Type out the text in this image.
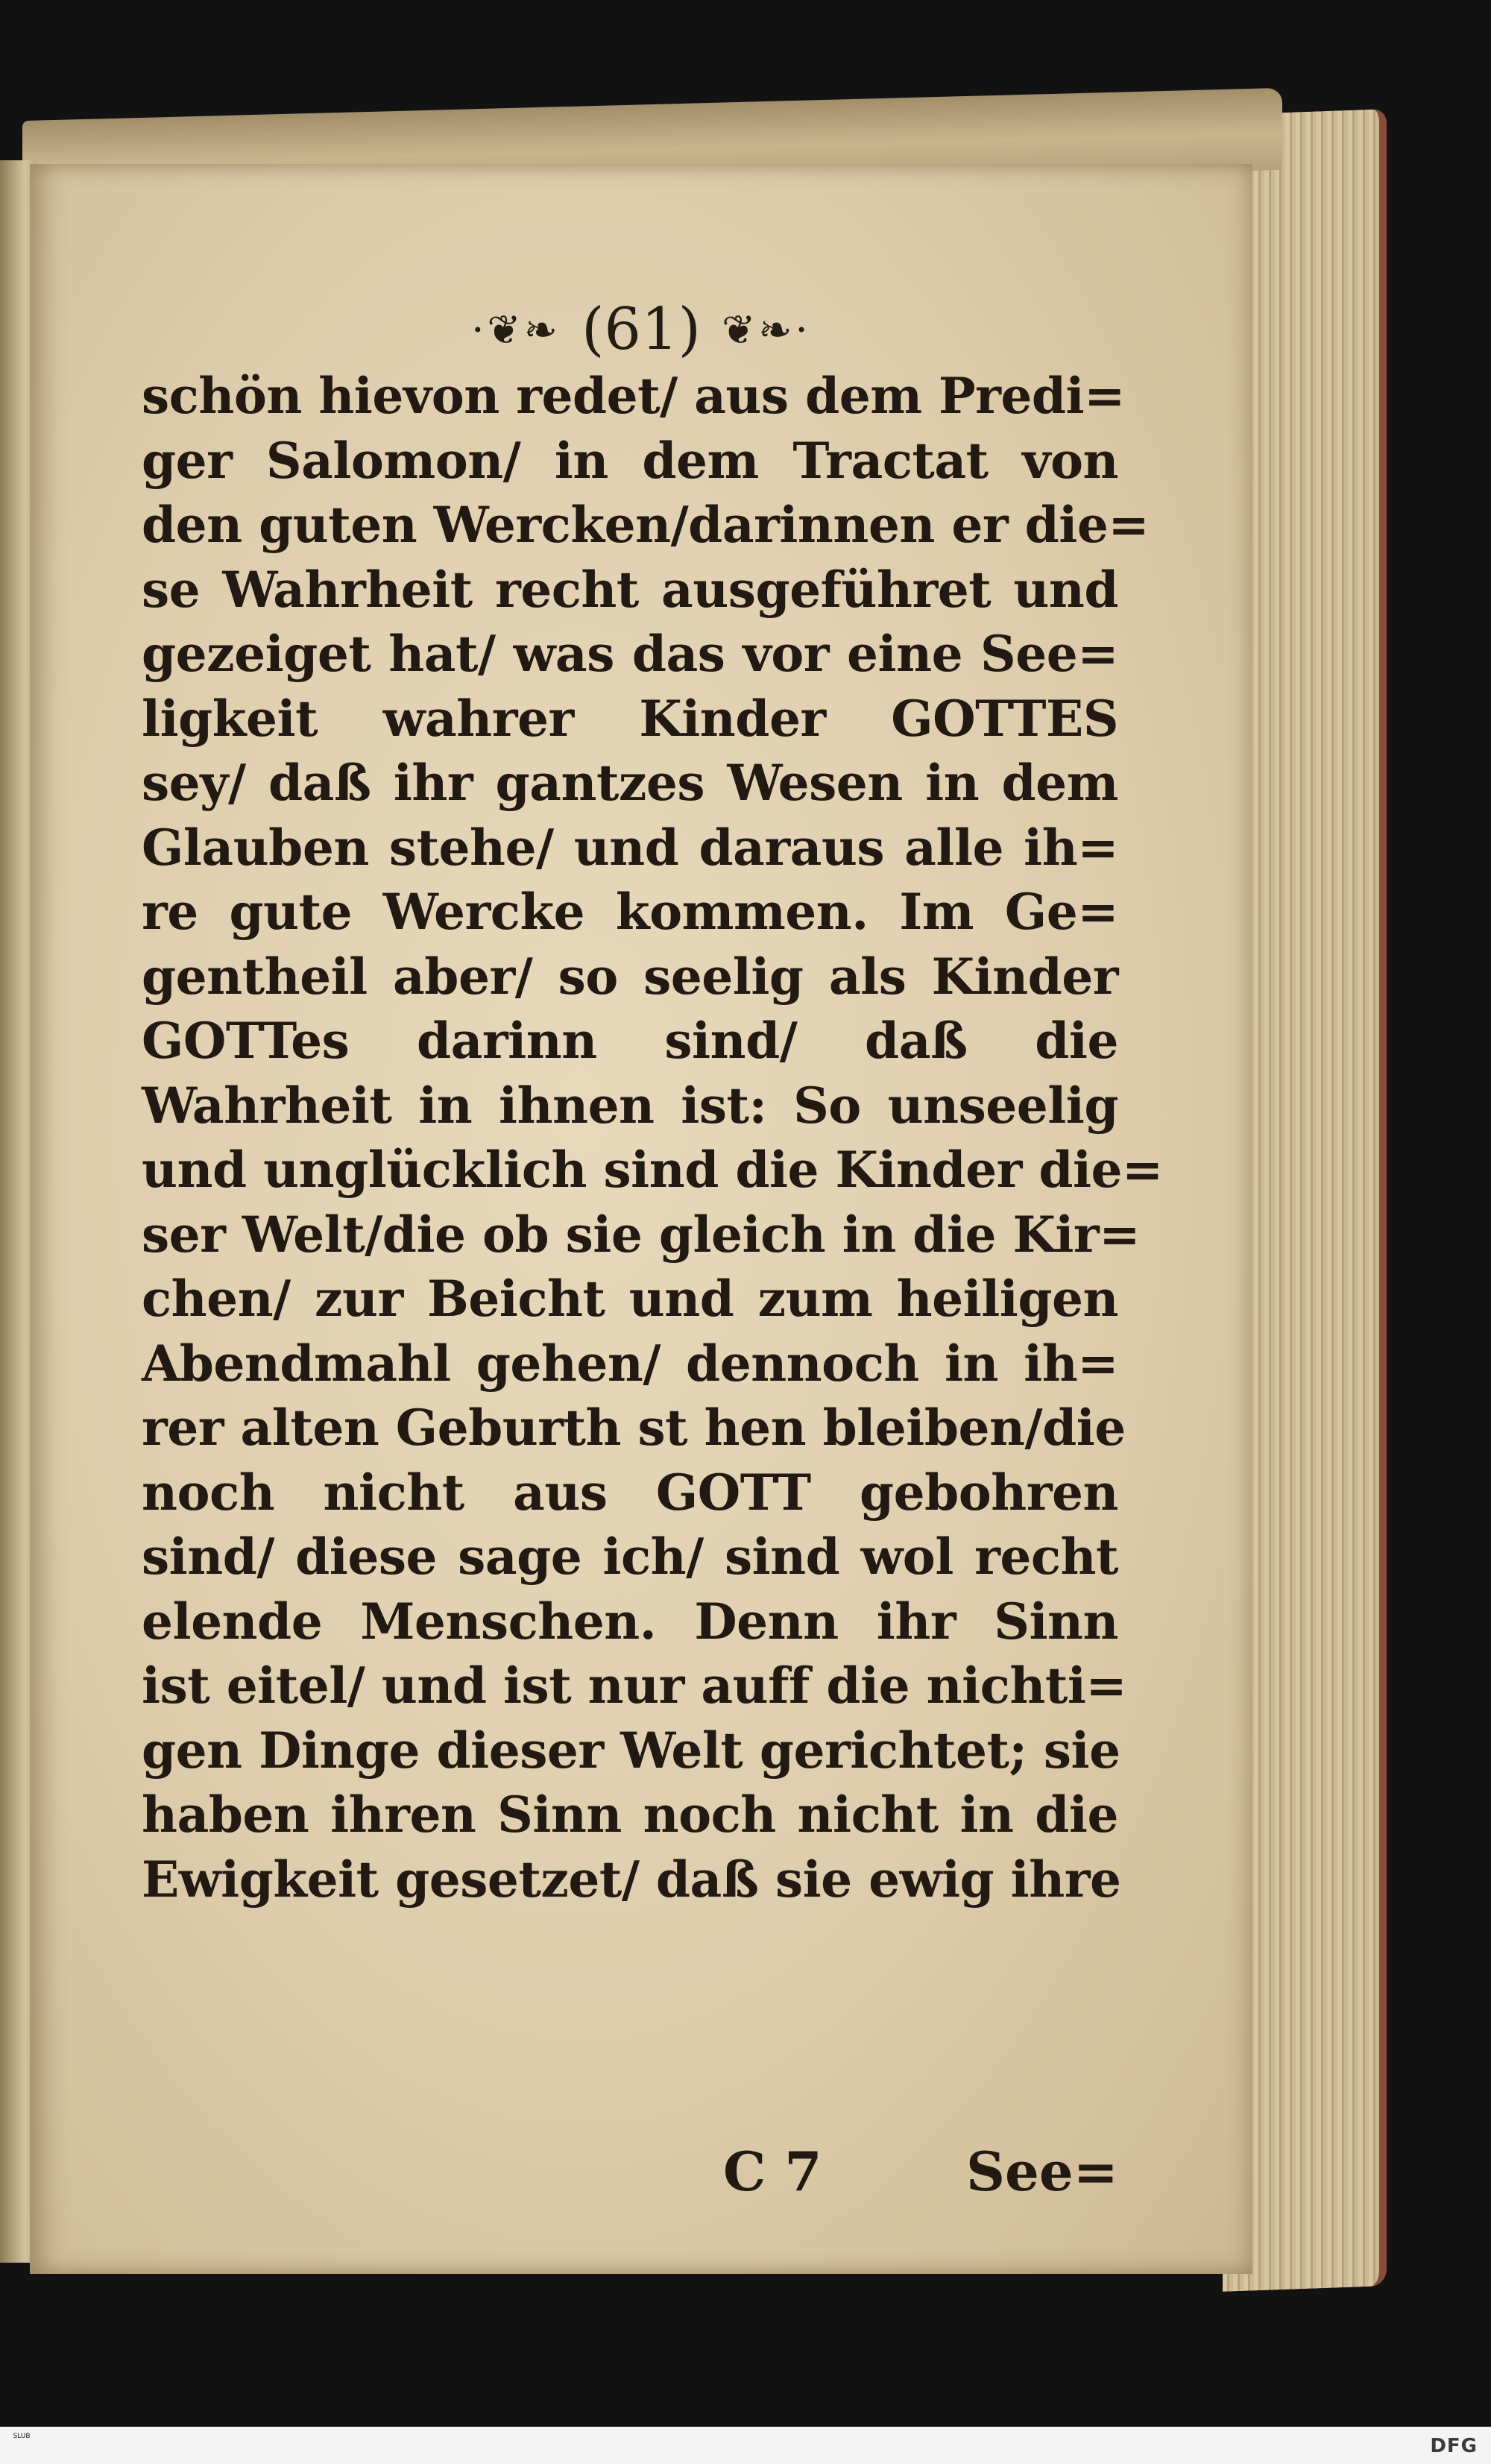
·❦❧ (61) ❦❧·
schön hievon redet/ aus dem Predi=
ger Salomon/ in dem Tractat von
den guten Wercken/darinnen er die=
se Wahrheit recht ausgeführet und
gezeiget hat/ was das vor eine See=
ligkeit wahrer Kinder GOTTES
sey/ daß ihr gantzes Wesen in dem
Glauben stehe/ und daraus alle ih=
re gute Wercke kommen. Im Ge=
gentheil aber/ so seelig als Kinder
GOTTes darinn sind/ daß die
Wahrheit in ihnen ist: So unseelig
und unglücklich sind die Kinder die=
ser Welt/die ob sie gleich in die Kir=
chen/ zur Beicht und zum heiligen
Abendmahl gehen/ dennoch in ih=
rer alten Geburth st hen bleiben/die
noch nicht aus GOTT gebohren
sind/ diese sage ich/ sind wol recht
elende Menschen. Denn ihr Sinn
ist eitel/ und ist nur auff die nichti=
gen Dinge dieser Welt gerichtet; sie
haben ihren Sinn noch nicht in die
Ewigkeit gesetzet/ daß sie ewig ihre
C 7	See=
SLUB	DFG
